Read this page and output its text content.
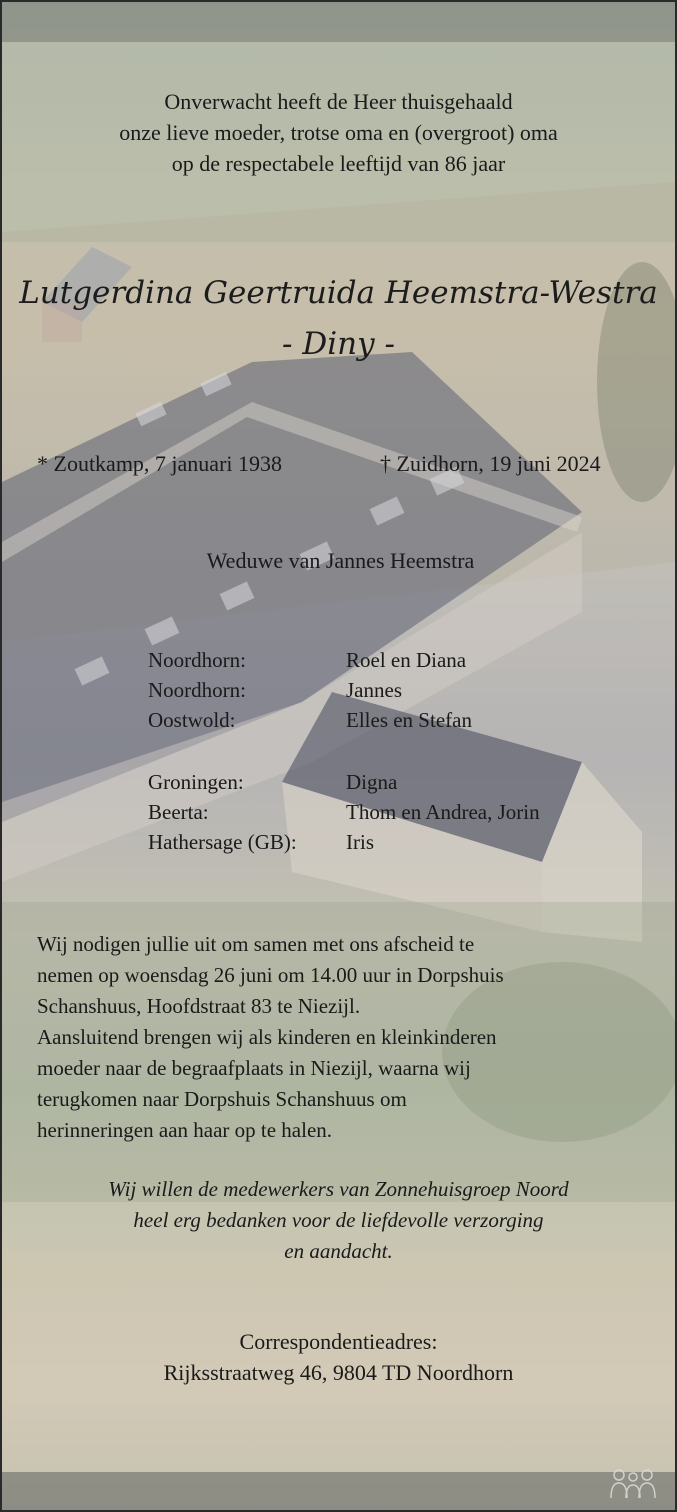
Onverwacht heeft de Heer thuisgehaald
onze lieve moeder, trotse oma en (overgroot) oma
op de respectabele leeftijd van 86 jaar
Lutgerdina Geertruida Heemstra-Westra
- Diny -
* Zoutkamp, 7 januari 1938	† Zuidhorn, 19 juni 2024
Weduwe van Jannes Heemstra
Noordhorn:	Roel en Diana
Noordhorn:	Jannes
Oostwold:	Elles en Stefan
Groningen:	Digna
Beerta:	Thom en Andrea, Jorin
Hathersage (GB): Iris
Wij nodigen jullie uit om samen met ons afscheid te
nemen op woensdag 26 juni om 14.00 uur in Dorpshuis
Schanshuus, Hoofdstraat 83 te Niezijl.
Aansluitend brengen wij als kinderen en kleinkinderen
moeder naar de begraafplaats in Niezijl, waarna wij
terugkomen naar Dorpshuis Schanshuus om
herinneringen aan haar op te halen.
Wij willen de medewerkers van Zonnehuisgroep Noord
heel erg bedanken voor de liefdevolle verzorging
en aandacht.
Correspondentieadres:
Rijksstraatweg 46, 9804 TD Noordhorn
